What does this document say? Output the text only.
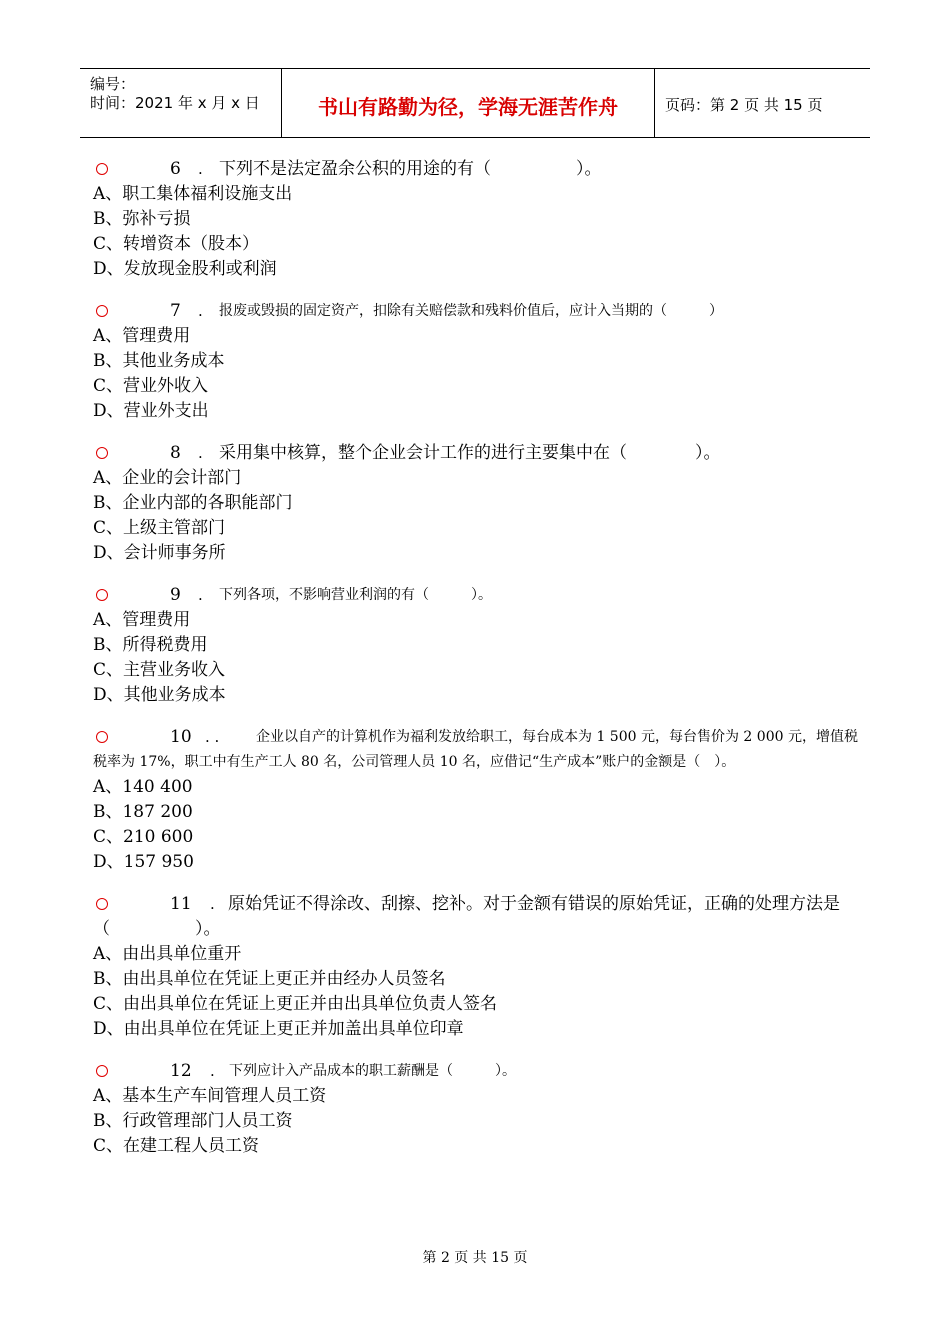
编号：
时间：2021 年 x 月 x 日	书山有路勤为径，学海无涯苦作舟	页码：第 2 页 共 15 页
6 . 下列不是法定盈余公积的用途的有（　　　　　）。
A、职工集体福利设施支出
B、弥补亏损
C、转增资本（股本）
D、发放现金股利或利润
7 .	报废或毁损的固定资产，扣除有关赔偿款和残料价值后，应计入当期的（　　　）
A、管理费用
B、其他业务成本
C、营业外收入
D、营业外支出
8 . 采用集中核算，整个企业会计工作的进行主要集中在（　　　　）。
A、企业的会计部门
B、企业内部的各职能部门
C、上级主管部门
D、会计师事务所
9 .	下列各项，不影响营业利润的有（　　　）。
A、管理费用
B、所得税费用
C、主营业务收入
D、其他业务成本
10 . .	企业以自产的计算机作为福利发放给职工，每台成本为 1 500 元，每台售价为 2 000 元，增值税税率为 17%，职工中有生产工人 80 名，公司管理人员 10 名，应借记“生产成本”账户的金额是（　）。
A、140 400
B、187 200
C、210 600
D、157 950
11 . 原始凭证不得涂改、刮擦、挖补。对于金额有错误的原始凭证，正确的处理方法是（　　　　　）。
A、由出具单位重开
B、由出具单位在凭证上更正并由经办人员签名
C、由出具单位在凭证上更正并由出具单位负责人签名
D、由出具单位在凭证上更正并加盖出具单位印章
12 .	下列应计入产品成本的职工薪酬是（　　　）。
A、基本生产车间管理人员工资
B、行政管理部门人员工资
C、在建工程人员工资
第 2 页 共 15 页
